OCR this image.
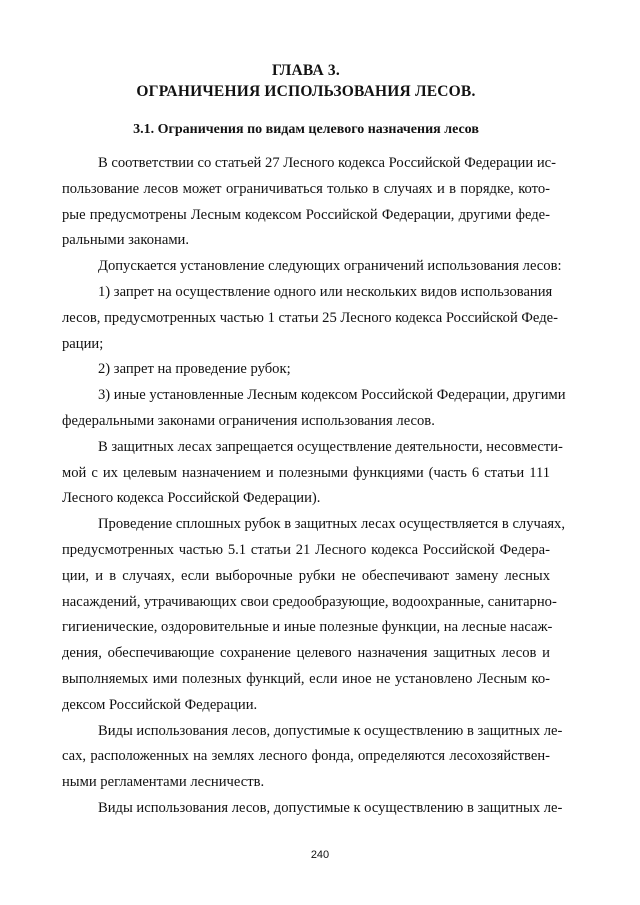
ГЛАВА 3.
ОГРАНИЧЕНИЯ ИСПОЛЬЗОВАНИЯ ЛЕСОВ.
3.1. Ограничения по видам целевого назначения лесов
В соответствии со статьей 27 Лесного кодекса Российской Федерации ис-
пользование лесов может ограничиваться только в случаях и в порядке, кото-
рые предусмотрены Лесным кодексом Российской Федерации, другими феде-
ральными законами.
Допускается установление следующих ограничений использования лесов:
1) запрет на осуществление одного или нескольких видов использования
лесов, предусмотренных частью 1 статьи 25 Лесного кодекса Российской Феде-
рации;
2) запрет на проведение рубок;
3) иные установленные Лесным кодексом Российской Федерации, другими
федеральными законами ограничения использования лесов.
В защитных лесах запрещается осуществление деятельности, несовмести-
мой с их целевым назначением и полезными функциями (часть 6 статьи 111
Лесного кодекса Российской Федерации).
Проведение сплошных рубок в защитных лесах осуществляется в случаях,
предусмотренных частью 5.1 статьи 21 Лесного кодекса Российской Федера-
ции, и в случаях, если выборочные рубки не обеспечивают замену лесных
насаждений, утрачивающих свои средообразующие, водоохранные, санитарно-
гигиенические, оздоровительные и иные полезные функции, на лесные насаж-
дения, обеспечивающие сохранение целевого назначения защитных лесов и
выполняемых ими полезных функций, если иное не установлено Лесным ко-
дексом Российской Федерации.
Виды использования лесов, допустимые к осуществлению в защитных ле-
сах, расположенных на землях лесного фонда, определяются лесохозяйствен-
ными регламентами лесничеств.
Виды использования лесов, допустимые к осуществлению в защитных ле-
240
